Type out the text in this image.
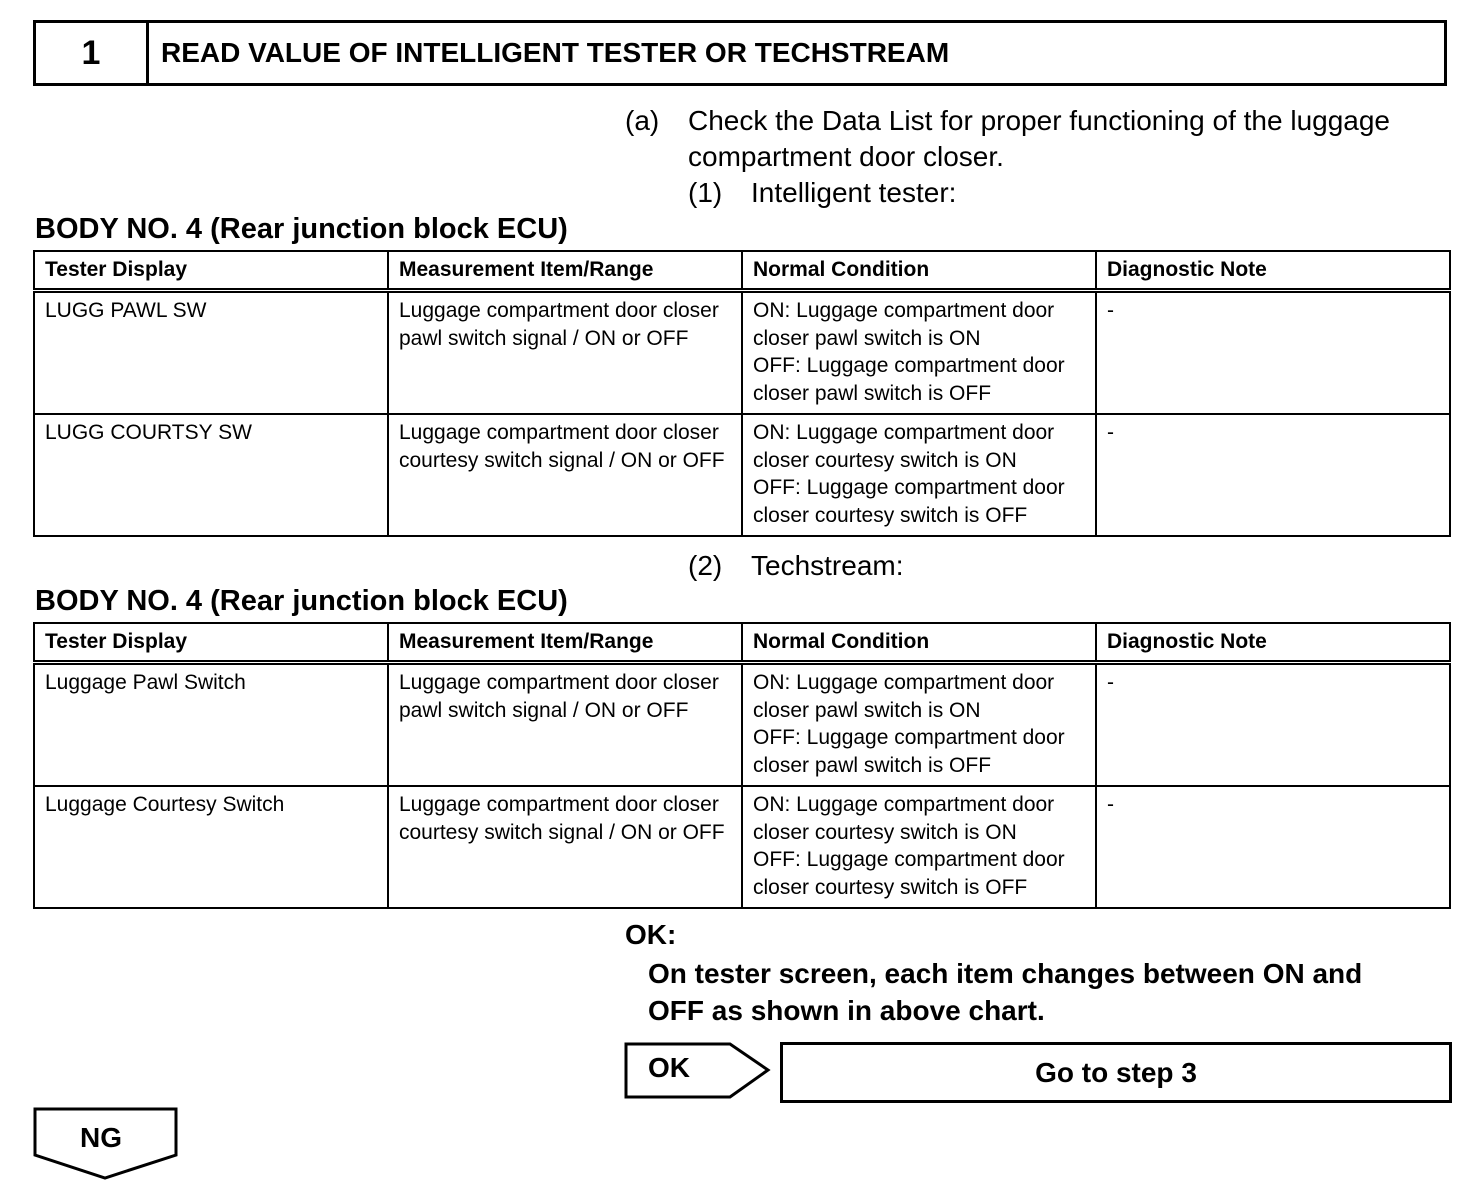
1	READ VALUE OF INTELLIGENT TESTER OR TECHSTREAM
(a) Check the Data List for proper functioning of the luggage
compartment door closer.
(1) Intelligent tester:
BODY NO. 4 (Rear junction block ECU)
Tester Display	Measurement Item/Range	Normal Condition	Diagnostic Note
LUGG PAWL SW	Luggage compartment door closer pawl switch signal / ON or OFF	ON: Luggage compartment door closer pawl switch is ON
OFF: Luggage compartment door closer pawl switch is OFF	-
LUGG COURTSY SW	Luggage compartment door closer courtesy switch signal / ON or OFF	ON: Luggage compartment door closer courtesy switch is ON
OFF: Luggage compartment door closer courtesy switch is OFF	-
(2) Techstream:
BODY NO. 4 (Rear junction block ECU)
Tester Display	Measurement Item/Range	Normal Condition	Diagnostic Note
Luggage Pawl Switch	Luggage compartment door closer pawl switch signal / ON or OFF	ON: Luggage compartment door closer pawl switch is ON
OFF: Luggage compartment door closer pawl switch is OFF	-
Luggage Courtesy Switch	Luggage compartment door closer courtesy switch signal / ON or OFF	ON: Luggage compartment door closer courtesy switch is ON
OFF: Luggage compartment door closer courtesy switch is OFF	-
OK:
On tester screen, each item changes between ON and
OFF as shown in above chart.
OK	Go to step 3
NG
